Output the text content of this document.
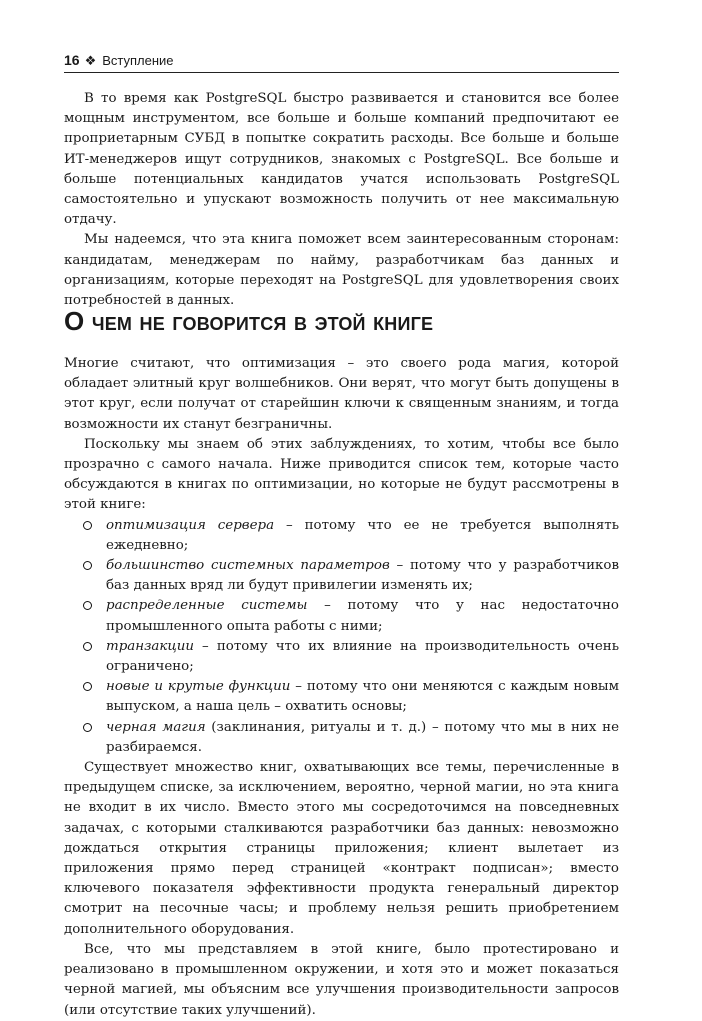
16 ❖ Вступление

В то время как PostgreSQL быстро развивается и становится все более мощным инструментом, все больше и больше компаний предпочитают ее проприетарным СУБД в попытке сократить расходы. Все больше и больше ИТ-менеджеров ищут сотрудников, знакомых с PostgreSQL. Все больше и больше потенциальных кандидатов учатся использовать PostgreSQL самостоятельно и упускают возможность получить от нее максимальную отдачу.

Мы надеемся, что эта книга поможет всем заинтересованным сторонам: кандидатам, менеджерам по найму, разработчикам баз данных и организациям, которые переходят на PostgreSQL для удовлетворения своих потребностей в данных.

О чем не говорится в этой книге

Многие считают, что оптимизация – это своего рода магия, которой обладает элитный круг волшебников. Они верят, что могут быть допущены в этот круг, если получат от старейшин ключи к священным знаниям, и тогда возможности их станут безграничны.

Поскольку мы знаем об этих заблуждениях, то хотим, чтобы все было прозрачно с самого начала. Ниже приводится список тем, которые часто обсуждаются в книгах по оптимизации, но которые не будут рассмотрены в этой книге:

оптимизация сервера – потому что ее не требуется выполнять ежедневно;
большинство системных параметров – потому что у разработчиков баз данных вряд ли будут привилегии изменять их;
распределенные системы – потому что у нас недостаточно промышленного опыта работы с ними;
транзакции – потому что их влияние на производительность очень ограничено;
новые и крутые функции – потому что они меняются с каждым новым выпуском, а наша цель – охватить основы;
черная магия (заклинания, ритуалы и т. д.) – потому что мы в них не разбираемся.

Существует множество книг, охватывающих все темы, перечисленные в предыдущем списке, за исключением, вероятно, черной магии, но эта книга не входит в их число. Вместо этого мы сосредоточимся на повседневных задачах, с которыми сталкиваются разработчики баз данных: невозможно дождаться открытия страницы приложения; клиент вылетает из приложения прямо перед страницей «контракт подписан»; вместо ключевого показателя эффективности продукта генеральный директор смотрит на песочные часы; и проблему нельзя решить приобретением дополнительного оборудования.

Все, что мы представляем в этой книге, было протестировано и реализовано в промышленном окружении, и хотя это и может показаться черной магией, мы объясним все улучшения производительности запросов (или отсутствие таких улучшений).
